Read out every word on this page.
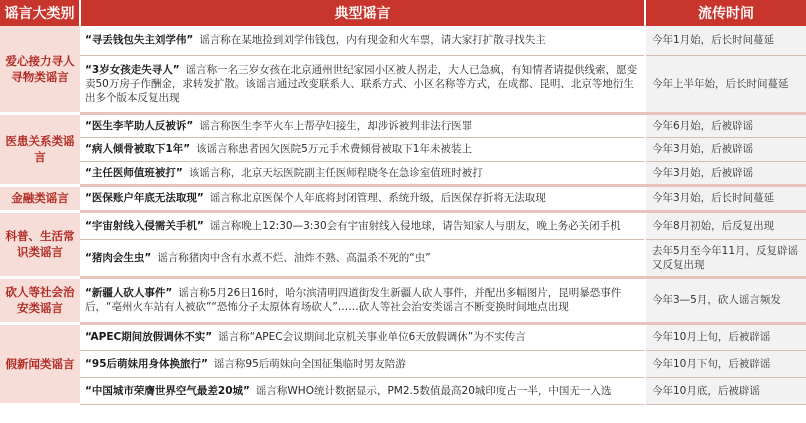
谣言大类别	典型谣言	流传时间
爱心接力寻人寻物类谣言	“寻丢钱包失主刘学伟” 谣言称在某地捡到刘学伟钱包，内有现金和火车票，请大家打扩散寻找失主	今年1月始，后长时间蔓延
	“3岁女孩走失寻人” 谣言称一名三岁女孩在北京通州世纪家园小区被人拐走，大人已急疯，有知情者请提供线索，愿变卖50万房子作酬金，求转发扩散。该谣言通过改变联系人、联系方式、小区名称等方式，在成都、昆明、北京等地衍生出多个版本反复出现	今年上半年始，后长时间蔓延
医患关系类谣言	“医生李芊助人反被诉” 谣言称医生李芊火车上帮孕妇接生，却涉诉被判非法行医罪	今年6月始，后被辟谣
	“病人倾骨被取下1年” 该谣言称患者因欠医院5万元手术费倾骨被取下1年未被装上	今年3月始，后被辟谣
	“主任医师值班被打” 该谣言称，北京天坛医院副主任医师程晓冬在急诊室值班时被打	今年3月始，后被辟谣
金融类谣言	“医保账户年底无法取现” 谣言称北京医保个人年底将封闭管理、系统升级，后医保存折将无法取现	今年3月始，后长时间蔓延
科普、生活常识类谣言	“宇宙射线入侵需关手机” 谣言称晚上12:30—3:30会有宇宙射线入侵地球，请告知家人与朋友，晚上务必关闭手机	今年8月初始，后反复出现
	“猪肉会生虫” 谣言称猪肉中含有水煮不烂、油炸不熟、高温杀不死的“虫”	去年5月至今年11月，反复辟谣又反复出现
砍人等社会治安类谣言	“新疆人砍人事件” 谣言称5月26日16时，哈尔滨清明四道街发生新疆人砍人事件，并配出多幅图片，昆明暴恐事件后，“亳州火车站有人被砍”“恐怖分子太原体育场砍人”……砍人等社会治安类谣言不断变换时间地点出现	今年3—5月，砍人谣言频发
假新闻类谣言	“APEC期间放假调休不实” 谣言称“APEC会议期间北京机关事业单位6天放假调休”为不实传言	今年10月上旬，后被辟谣
	“95后萌妹用身体换旅行” 谣言称95后萌妹向全国征集临时男友陪游	今年10月下旬，后被辟谣
	“中国城市荣膺世界空气最差20城” 谣言称WHO统计数据显示，PM2.5数值最高20城印度占一半，中国无一入选	今年10月底，后被辟谣
